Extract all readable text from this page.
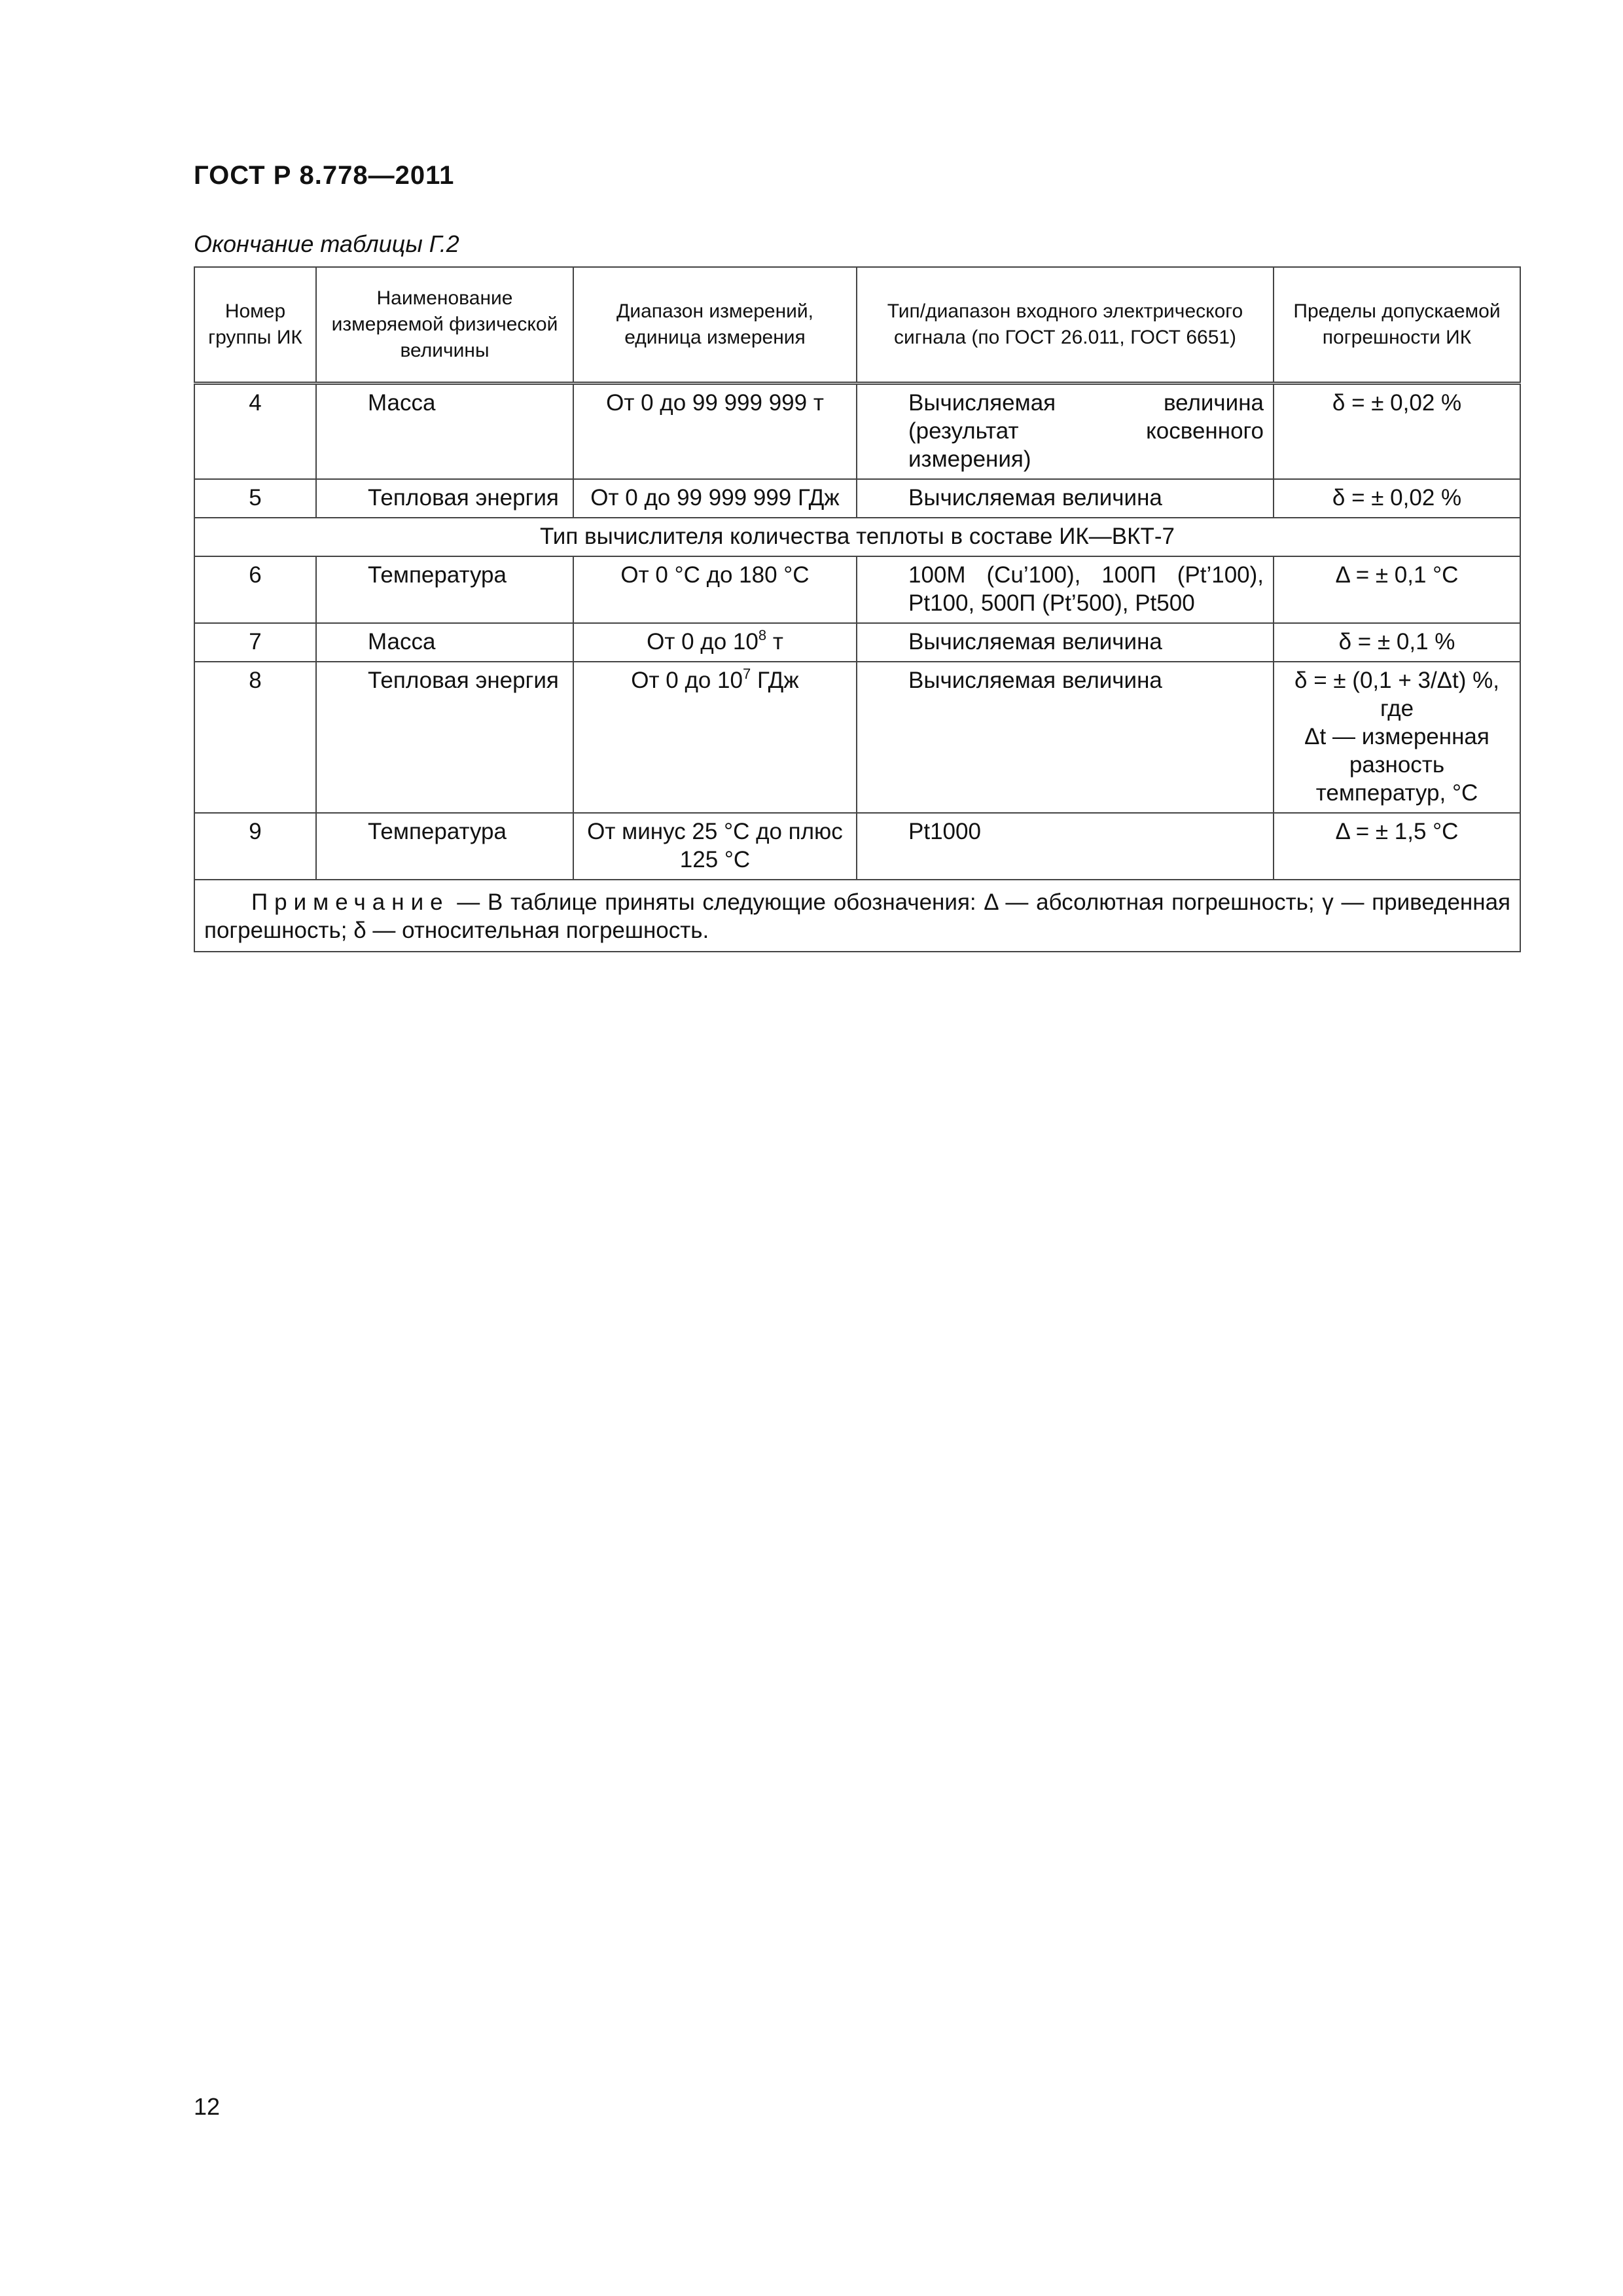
ГОСТ Р 8.778—2011
Окончание таблицы Г.2
Номер группы ИК	Наименование измеряемой физической величины	Диапазон измерений, единица измерения	Тип/диапазон входного электрического сигнала (по ГОСТ 26.011, ГОСТ 6651)	Пределы допускаемой погрешности ИК
4	Масса	От 0 до 99 999 999 т	Вычисляемая величина (результат косвенного измерения)	δ = ± 0,02 %
5	Тепловая энергия	От 0 до 99 999 999 ГДж	Вычисляемая величина	δ = ± 0,02 %
Тип вычислителя количества теплоты в составе ИК—ВКТ-7				
6	Температура	От 0 °С до 180 °С	100М (Cu’100), 100П (Pt’100), Pt100, 500П (Pt’500), Pt500	Δ = ± 0,1 °С
7	Масса	От 0 до $10^8$ т	Вычисляемая величина	δ = ± 0,1 %
8	Тепловая энергия	От 0 до $10^7$ ГДж	Вычисляемая величина	δ = ± (0,1 + 3/Δt) %,
где
Δt — измеренная разность температур, °С

9	Температура	От минус 25 °С до плюс 125 °С	Pt1000	Δ = ± 1,5 °С
Примечание — В таблице приняты следующие обозначения: Δ — абсолютная погрешность; γ — приведенная погрешность; δ — относительная погрешность.				
12
